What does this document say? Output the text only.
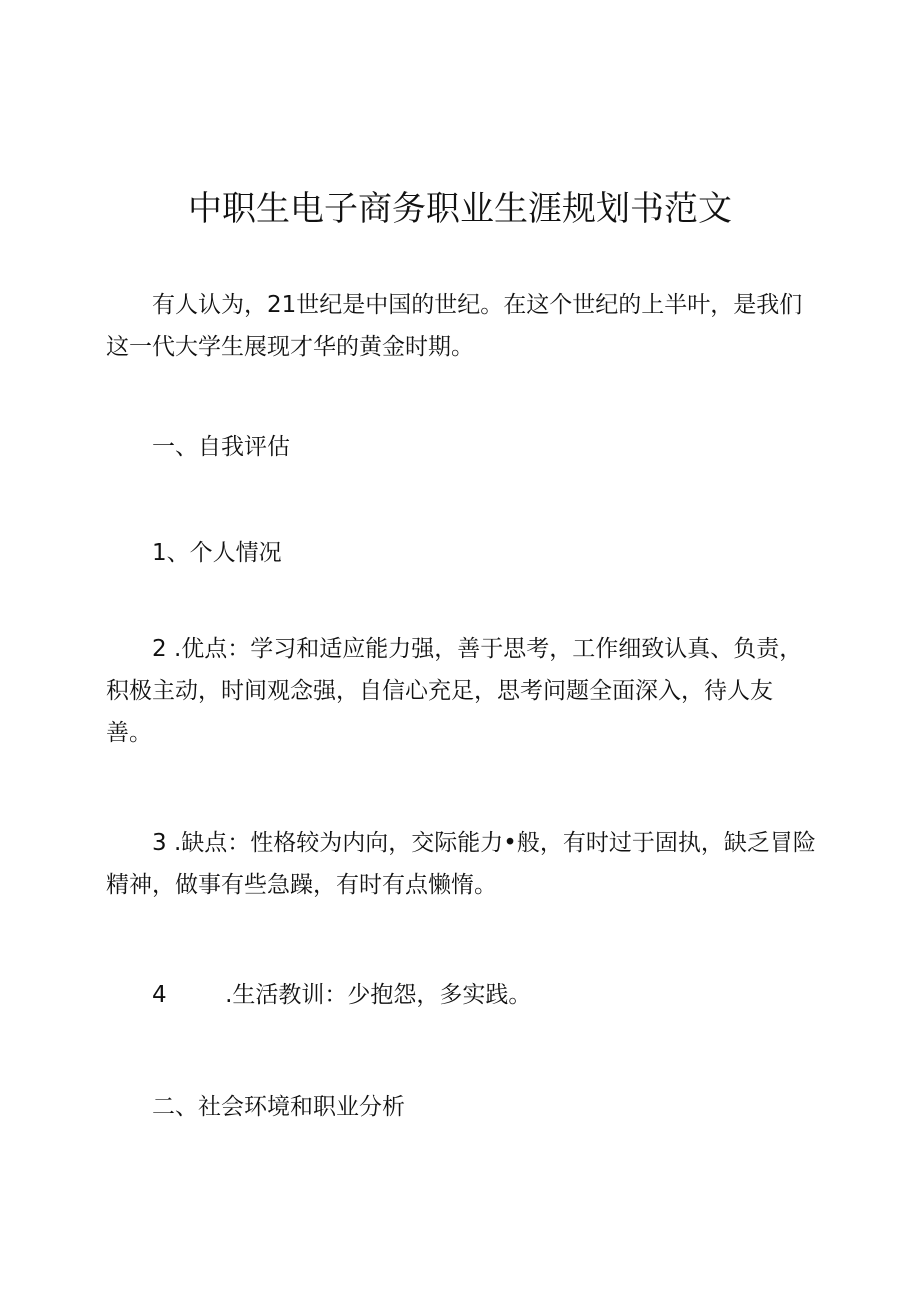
中职生电子商务职业生涯规划书范文

有人认为，21世纪是中国的世纪。在这个世纪的上半叶，是我们
这一代大学生展现才华的黄金时期。

一、自我评估

1、个人情况

2 .优点：学习和适应能力强，善于思考，工作细致认真、负责，
积极主动，时间观念强，自信心充足，思考问题全面深入，待人友
善。

3 .缺点：性格较为内向，交际能力•般，有时过于固执，缺乏冒险
精神，做事有些急躁，有时有点懒惰。

4        .生活教训：少抱怨，多实践。

二、社会环境和职业分析
